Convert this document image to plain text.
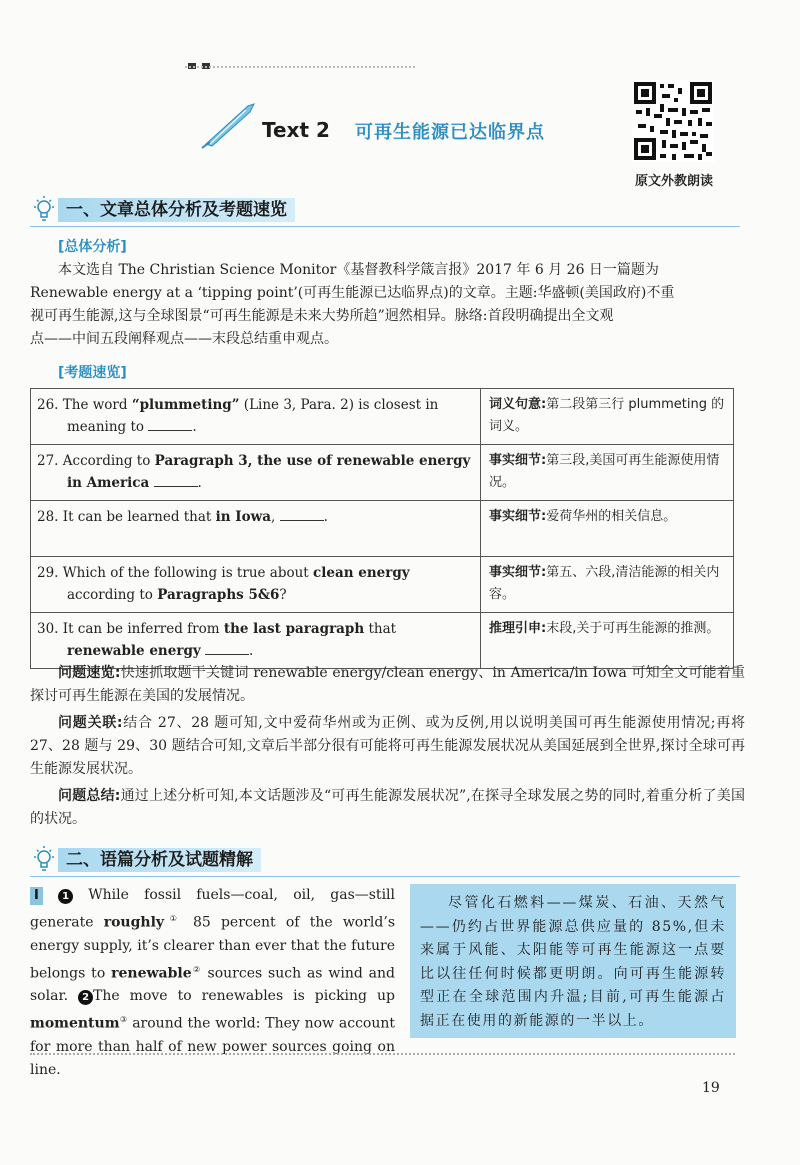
Text 2 可再生能源已达临界点
原文外教朗读
一、文章总体分析及考题速览
[总体分析]

本文选自 The Christian Science Monitor《基督教科学箴言报》2017 年 6 月 26 日一篇题为

Renewable energy at a ‘tipping point’(可再生能源已达临界点)的文章。主题:华盛顿(美国政府)不重

视可再生能源,这与全球图景“可再生能源是未来大势所趋”迥然相异。脉络:首段明确提出全文观

点——中间五段阐释观点——末段总结重申观点。

[考题速览]
26. The word “plummeting” (Line 3, Para. 2) is closest in meaning to .	词义句意:第二段第三行 plummeting 的词义。
27. According to Paragraph 3, the use of renewable energy in America .	事实细节:第三段,美国可再生能源使用情况。
28. It can be learned that in Iowa, .	事实细节:爱荷华州的相关信息。
29. Which of the following is true about clean energy according to Paragraphs 5&6?	事实细节:第五、六段,清洁能源的相关内容。
30. It can be inferred from the last paragraph that renewable energy .	推理引申:末段,关于可再生能源的推测。

问题速览:快速抓取题干关键词 renewable energy/clean energy、in America/in Iowa 可知全文可能着重探讨可再生能源在美国的发展情况。

问题关联:结合 27、28 题可知,文中爱荷华州或为正例、或为反例,用以说明美国可再生能源使用情况;再将 27、28 题与 29、30 题结合可知,文章后半部分很有可能将可再生能源发展状况从美国延展到全世界,探讨全球可再生能源发展状况。

问题总结:通过上述分析可知,本文话题涉及“可再生能源发展状况”,在探寻全球发展之势的同时,着重分析了美国的状况。

二、语篇分析及试题精解

I 1 While fossil fuels—coal, oil, gas—still generate roughly① 85 percent of the world’s energy supply, it’s clearer than ever that the future belongs to renewable② sources such as wind and solar. 2 The move to renewables is picking up momentum③ around the world: They now account for more than half of new power sources going on line.

尽管化石燃料——煤炭、石油、天然气——仍约占世界能源总供应量的 85%,但未来属于风能、太阳能等可再生能源这一点要比以往任何时候都更明朗。向可再生能源转型正在全球范围内升温;目前,可再生能源占据正在使用的新能源的一半以上。

19
